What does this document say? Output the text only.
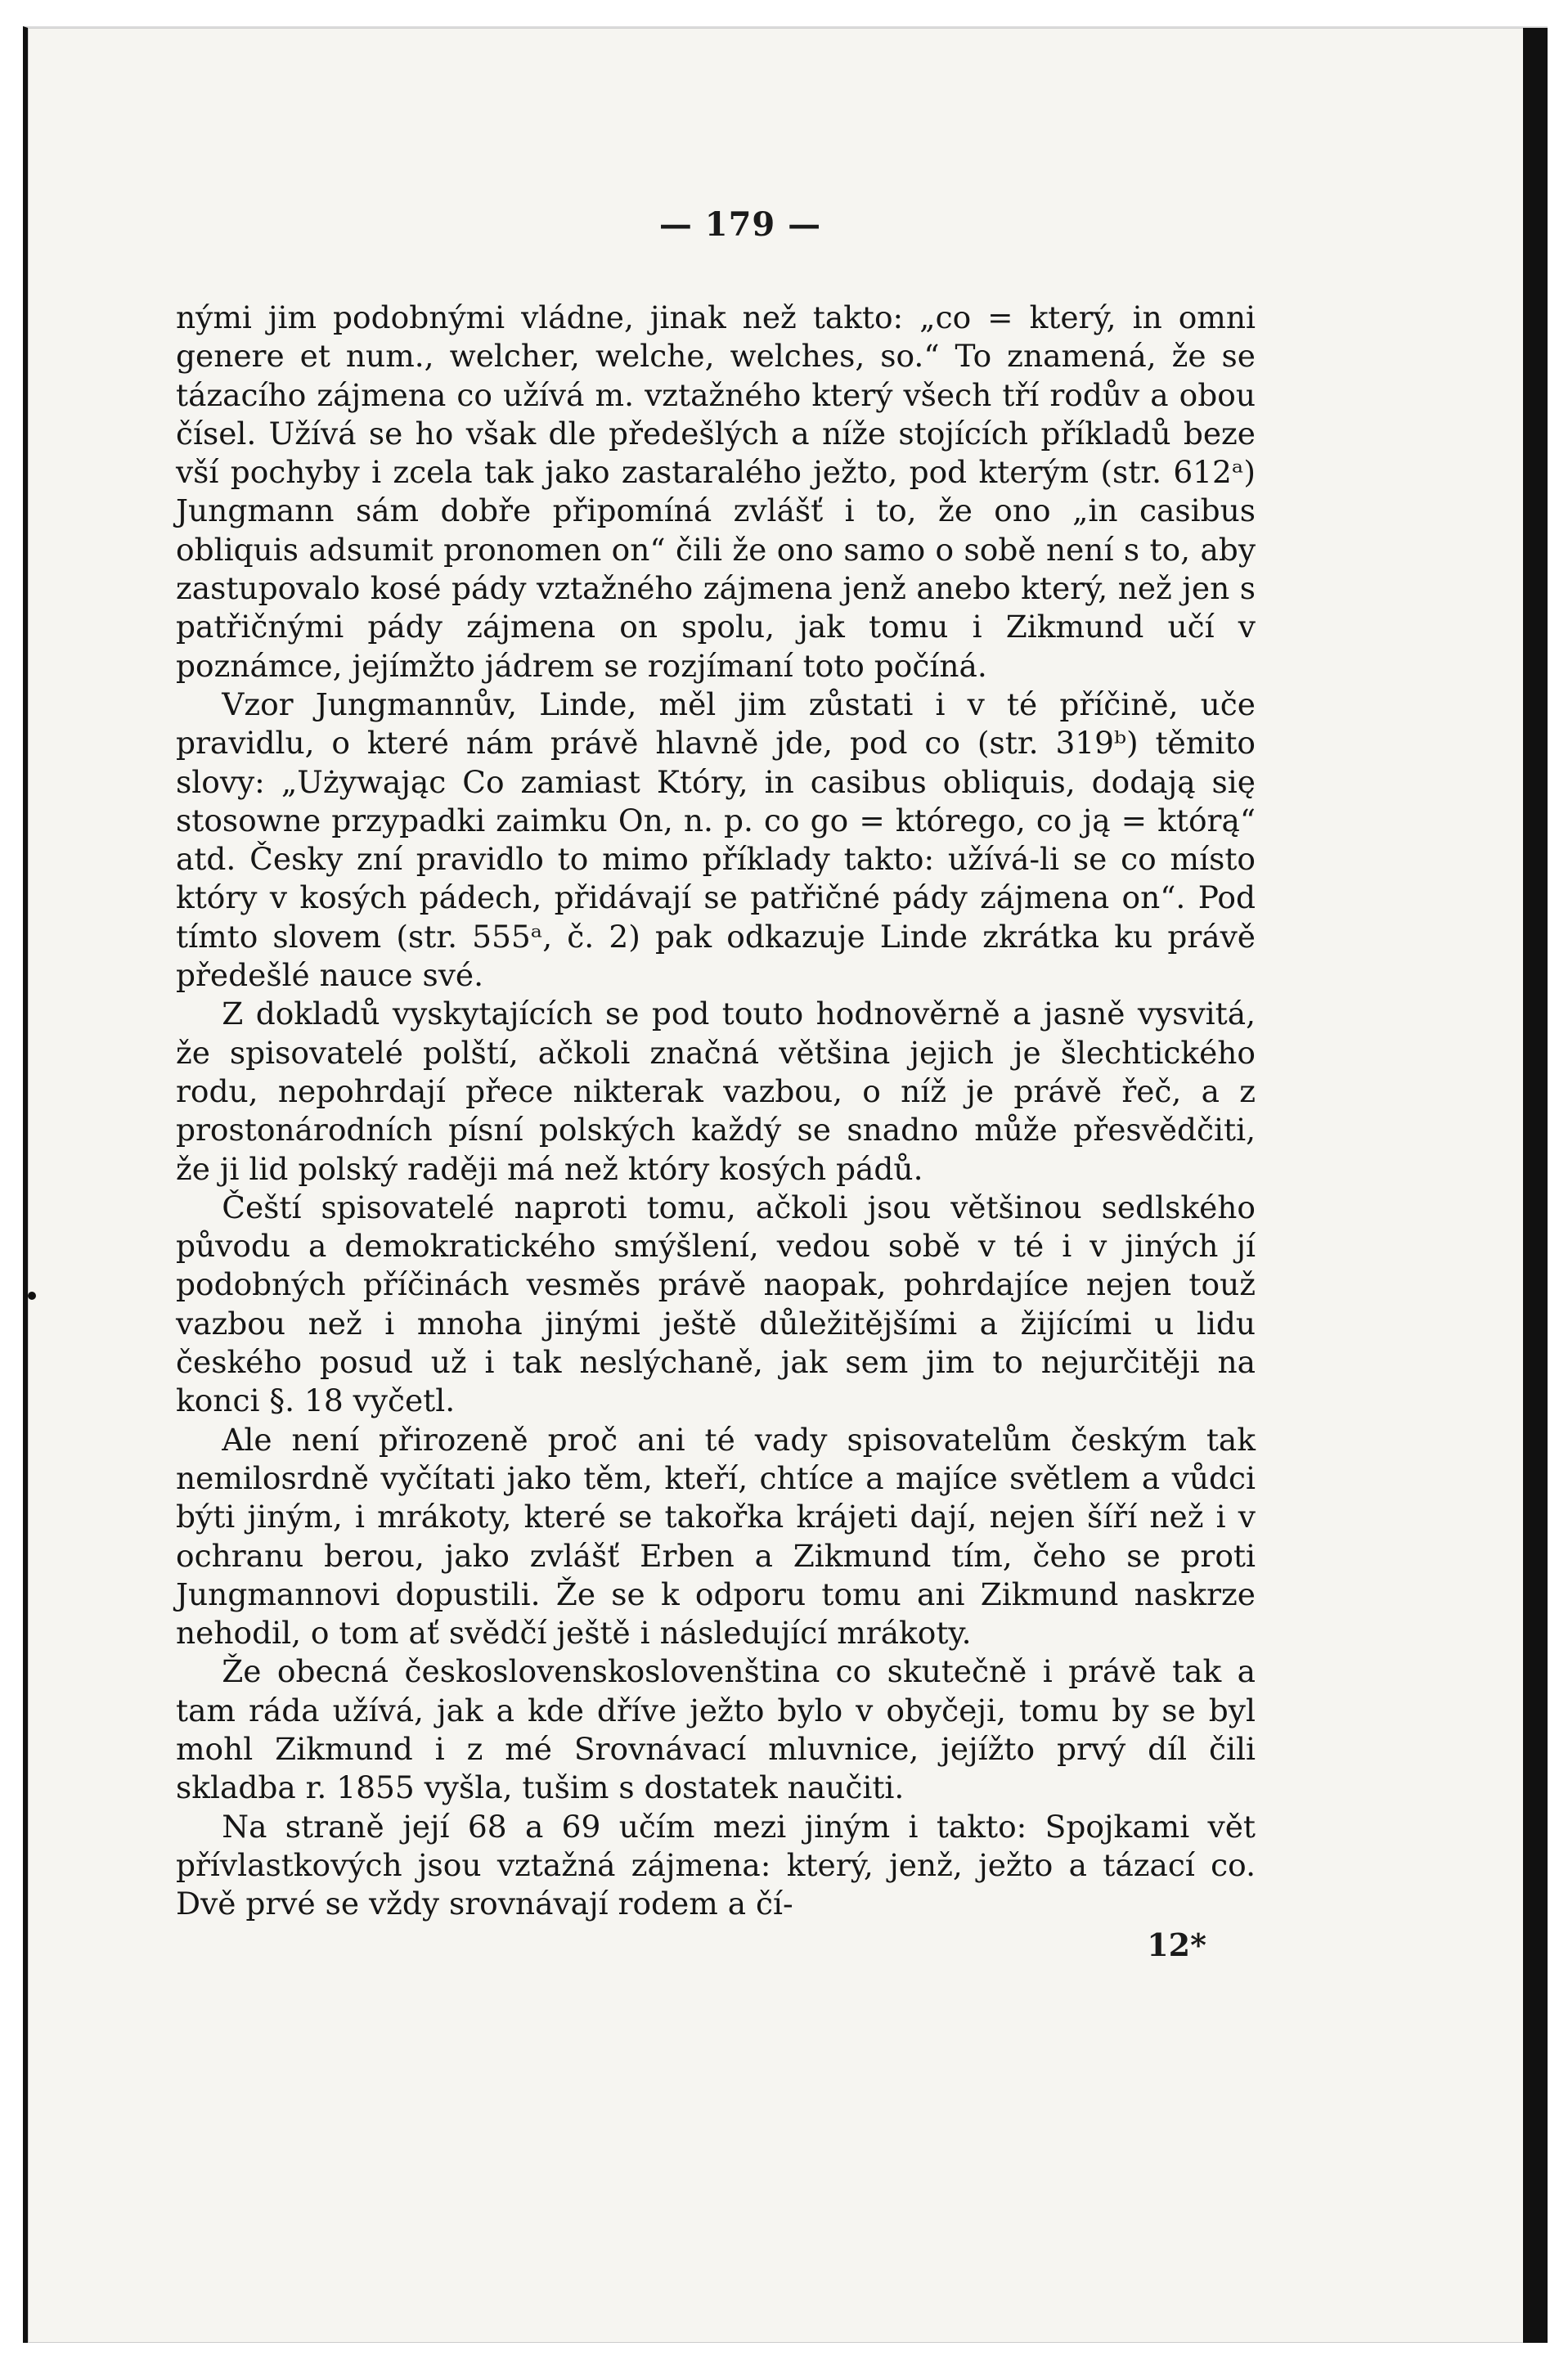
— 179 —

nými jim podobnými vládne, jinak než takto: „co = který, in omni genere et num., welcher, welche, welches, so.“ To znamená, že se tázacího zájmena co užívá m. vztažného který všech tří rodův a obou čísel. Užívá se ho však dle předešlých a níže stojících příkladů beze vší pochyby i zcela tak jako zastaralého ježto, pod kterým (str. 612ᵃ) Jungmann sám dobře připomíná zvlášť i to, že ono „in casibus obliquis adsumit pronomen on“ čili že ono samo o sobě není s to, aby zastupovalo kosé pády vztažného zájmena jenž anebo který, než jen s patřičnými pády zájmena on spolu, jak tomu i Zikmund učí v poznámce, jejímžto jádrem se rozjímaní toto počíná.

Vzor Jungmannův, Linde, měl jim zůstati i v té příčině, uče pravidlu, o které nám právě hlavně jde, pod co (str. 319ᵇ) těmito slovy: „Używając Co zamiast Który, in casibus obliquis, dodają się stosowne przypadki zaimku On, n. p. co go = którego, co ją = którą“ atd. Česky zní pravidlo to mimo příklady takto: užívá-li se co místo który v kosých pádech, přidávají se patřičné pády zájmena on“. Pod tímto slovem (str. 555ᵃ, č. 2) pak odkazuje Linde zkrátka ku právě předešlé nauce své.

Z dokladů vyskytajících se pod touto hodnověrně a jasně vysvitá, že spisovatelé polští, ačkoli značná většina jejich je šlechtického rodu, nepohrdají přece nikterak vazbou, o níž je právě řeč, a z prostonárodních písní polských každý se snadno může přesvědčiti, že ji lid polský raději má než który kosých pádů.

Čeští spisovatelé naproti tomu, ačkoli jsou většinou sedlského původu a demokratického smýšlení, vedou sobě v té i v jiných jí podobných příčinách vesměs právě naopak, pohrdajíce nejen touž vazbou než i mnoha jinými ještě důležitějšími a žijícími u lidu českého posud už i tak neslýchaně, jak sem jim to nejurčitěji na konci §. 18 vyčetl.

Ale není přirozeně proč ani té vady spisovatelům českým tak nemilosrdně vyčítati jako těm, kteří, chtíce a majíce světlem a vůdci býti jiným, i mrákoty, které se takořka krájeti dají, nejen šíří než i v ochranu berou, jako zvlášť Erben a Zikmund tím, čeho se proti Jungmannovi dopustili. Že se k odporu tomu ani Zikmund naskrze nehodil, o tom ať svědčí ještě i následující mrákoty.

Že obecná československoslovenština co skutečně i právě tak a tam ráda užívá, jak a kde dříve ježto bylo v obyčeji, tomu by se byl mohl Zikmund i z mé Srovnávací mluvnice, jejížto prvý díl čili skladba r. 1855 vyšla, tušim s dostatek naučiti.

Na straně její 68 a 69 učím mezi jiným i takto: Spojkami vět přívlastkových jsou vztažná zájmena: který, jenž, ježto a tázací co. Dvě prvé se vždy srovnávají rodem a čí-

12*
